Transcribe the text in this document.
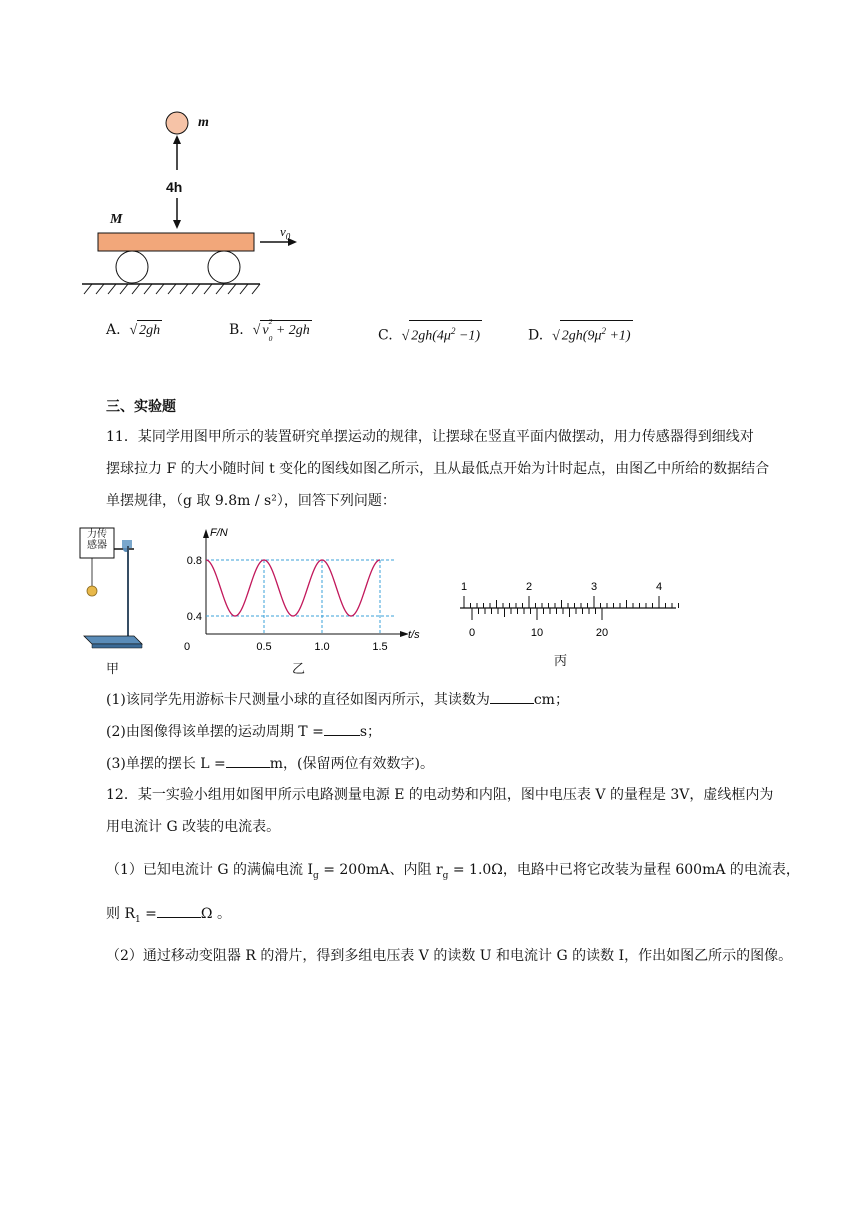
m
4h
M
$v_0$
A. √ 2gh	B. √ v
2
$_0$ + 2gh	C. √ $2gh(4\mu^2 -1)$	D. √ $2gh(9\mu^2 +1)$
三、实验题
11．某同学用图甲所示的装置研究单摆运动的规律，让摆球在竖直平面内做摆动，用力传感器得到细线对
摆球拉力 F 的大小随时间 t 变化的图线如图乙所示，且从最低点开始为计时起点，由图乙中所给的数据结合
单摆规律，（g 取 9.8m / s²），回答下列问题：
力传
感器
甲
0.4
0.8
0	0.5	1.0	1.5
F/N
t/s
乙
1	2	3	4
0	10	20
丙
(1)该同学先用游标卡尺测量小球的直径如图丙所示，其读数为	cm；
(2)由图像得该单摆的运动周期 T =	s；
(3)单摆的摆长 L =	m，(保留两位有效数字)。
12．某一实验小组用如图甲所示电路测量电源 E 的电动势和内阻，图中电压表 V 的量程是 3V，虚线框内为
用电流计 G 改装的电流表。
（1）已知电流计 G 的满偏电流 $I_g = 200mA$、内阻 $r_g = 1.0\Omega$，电路中已将它改装为量程 600mA 的电流表，
则 $R_1$ =	Ω 。
（2）通过移动变阻器 R 的滑片，得到多组电压表 V 的读数 U 和电流计 G 的读数 I，作出如图乙所示的图像。
